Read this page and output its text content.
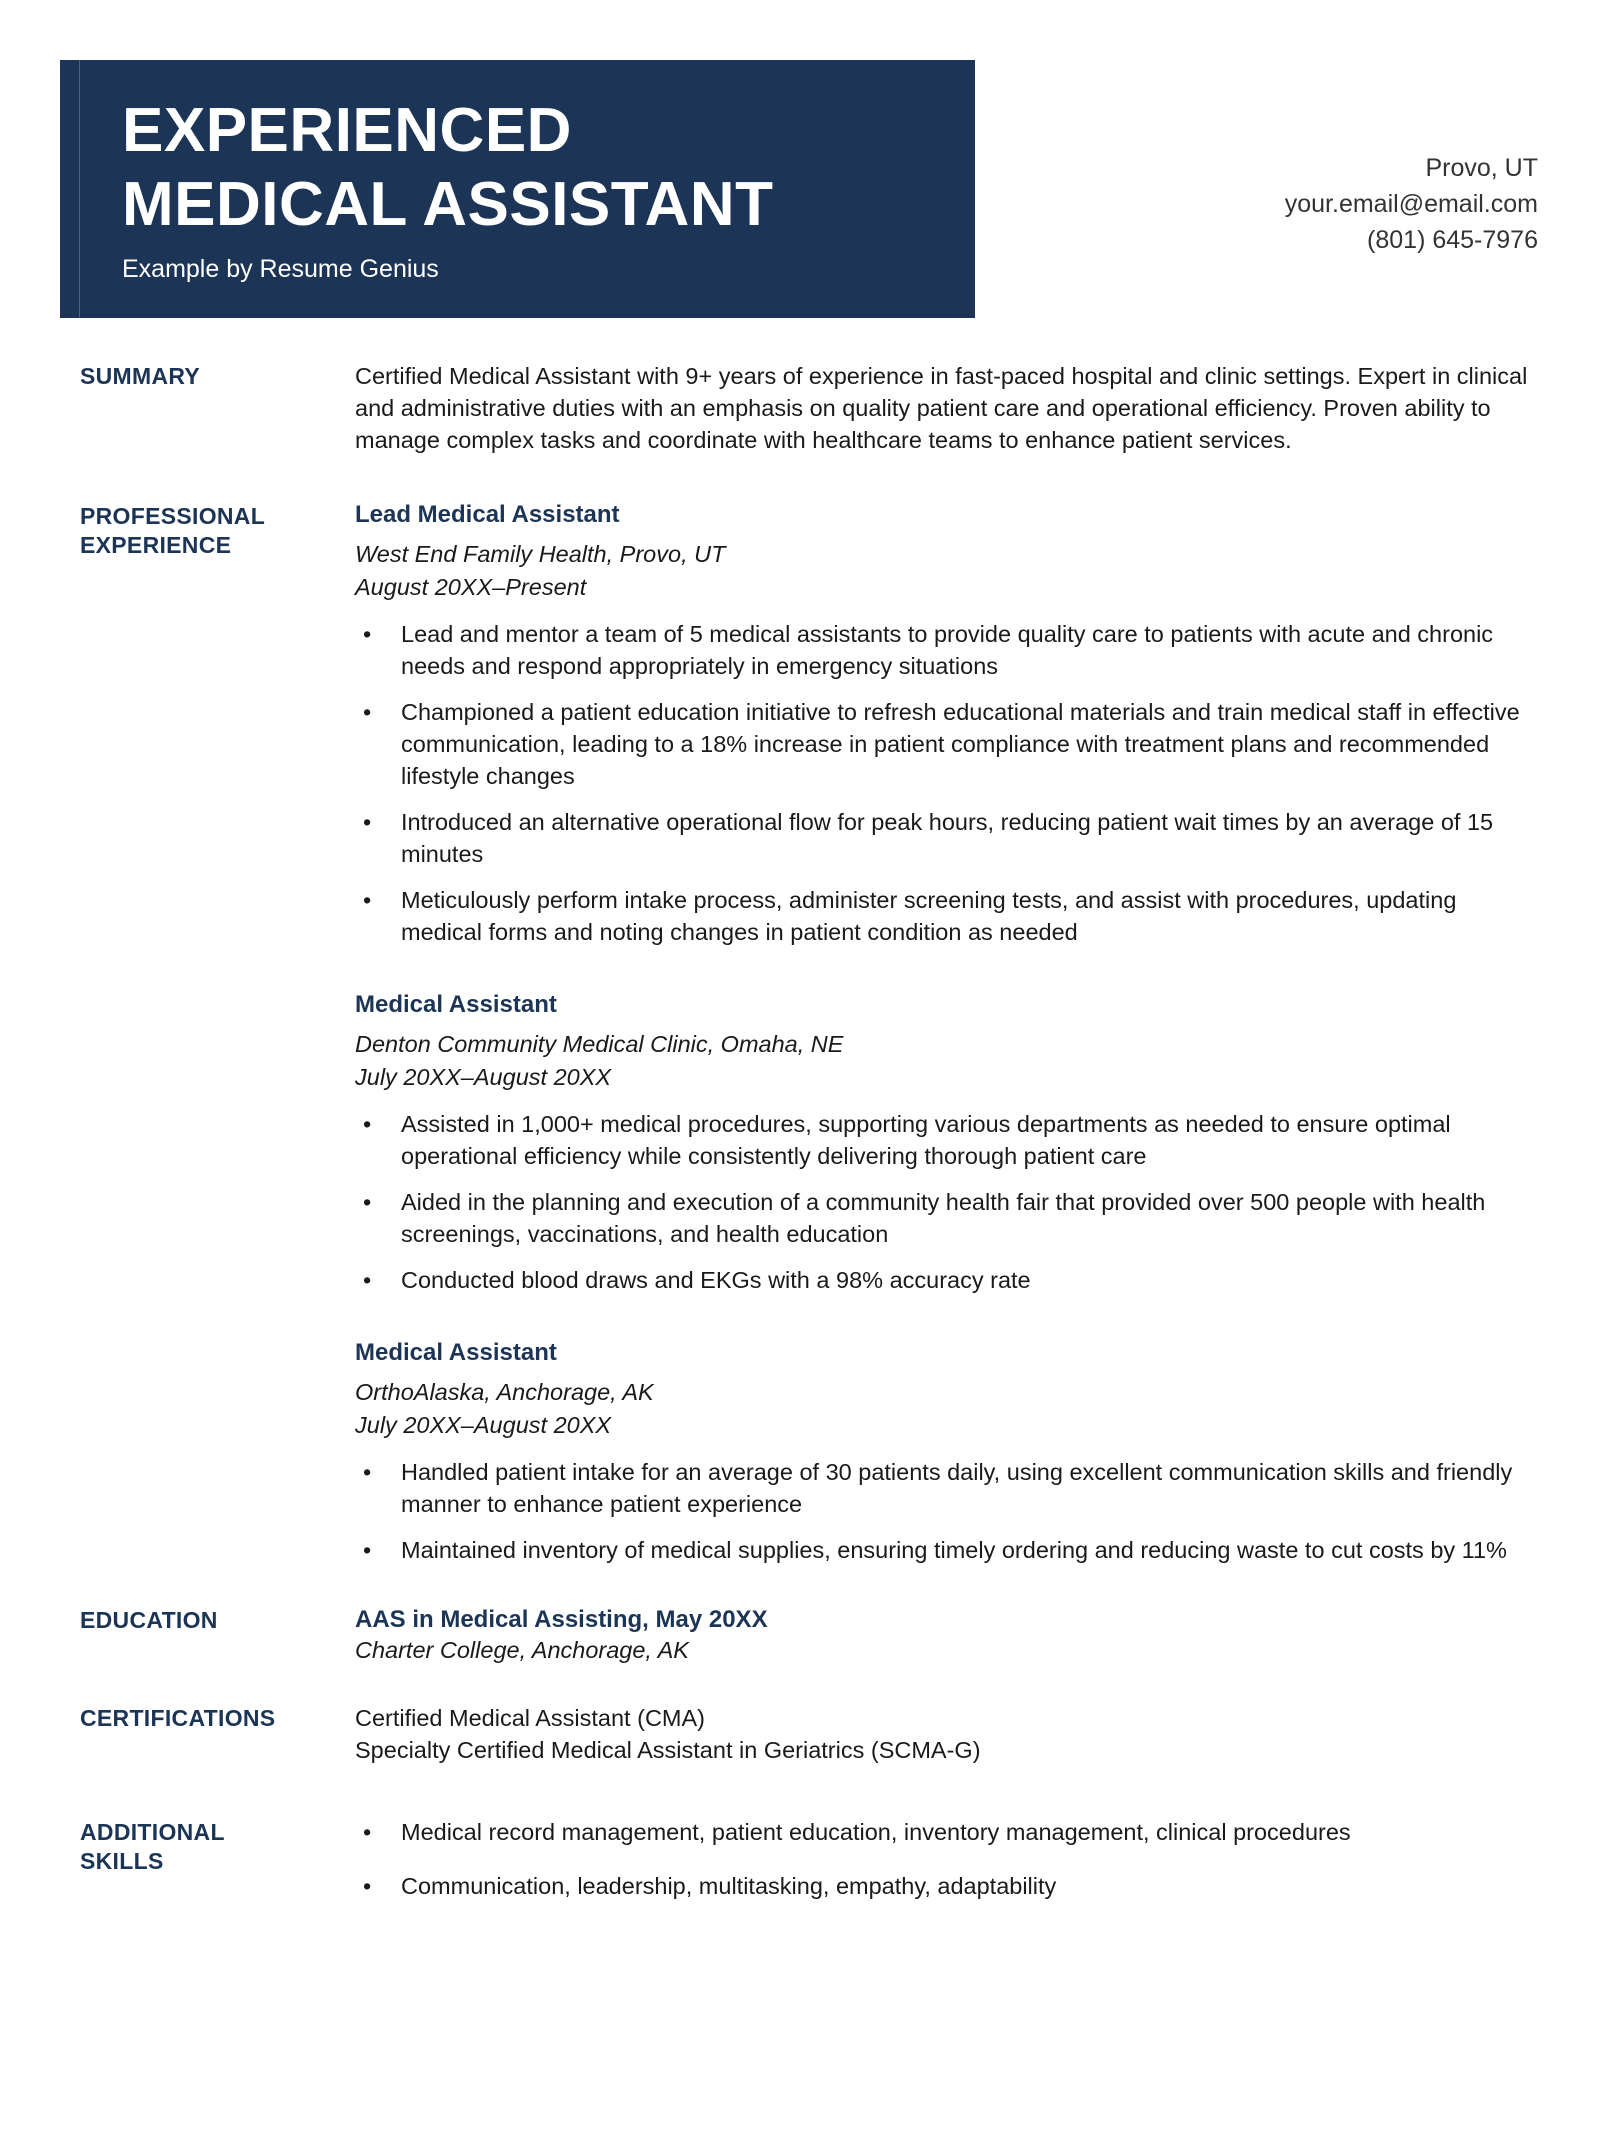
EXPERIENCED
MEDICAL ASSISTANT
Example by Resume Genius
Provo, UT
your.email@email.com
(801) 645-7976
SUMMARY	Certified Medical Assistant with 9+ years of experience in fast-paced hospital and clinic settings. Expert in clinical and administrative duties with an emphasis on quality patient care and operational efficiency. Proven ability to manage complex tasks and coordinate with healthcare teams to enhance patient services.
PROFESSIONAL
EXPERIENCE
Lead Medical Assistant
West End Family Health, Provo, UT
August 20XX–Present
• Lead and mentor a team of 5 medical assistants to provide quality care to patients with acute and chronic needs and respond appropriately in emergency situations
• Championed a patient education initiative to refresh educational materials and train medical staff in effective communication, leading to a 18% increase in patient compliance with treatment plans and recommended lifestyle changes
• Introduced an alternative operational flow for peak hours, reducing patient wait times by an average of 15 minutes
• Meticulously perform intake process, administer screening tests, and assist with procedures, updating medical forms and noting changes in patient condition as needed
Medical Assistant
Denton Community Medical Clinic, Omaha, NE
July 20XX–August 20XX
• Assisted in 1,000+ medical procedures, supporting various departments as needed to ensure optimal operational efficiency while consistently delivering thorough patient care
• Aided in the planning and execution of a community health fair that provided over 500 people with health screenings, vaccinations, and health education
• Conducted blood draws and EKGs with a 98% accuracy rate
Medical Assistant
OrthoAlaska, Anchorage, AK
July 20XX–August 20XX
• Handled patient intake for an average of 30 patients daily, using excellent communication skills and friendly manner to enhance patient experience
• Maintained inventory of medical supplies, ensuring timely ordering and reducing waste to cut costs by 11%
EDUCATION	AAS in Medical Assisting, May 20XX
Charter College, Anchorage, AK
CERTIFICATIONS	Certified Medical Assistant (CMA)
Specialty Certified Medical Assistant in Geriatrics (SCMA-G)
ADDITIONAL
SKILLS
• Medical record management, patient education, inventory management, clinical procedures
• Communication, leadership, multitasking, empathy, adaptability
